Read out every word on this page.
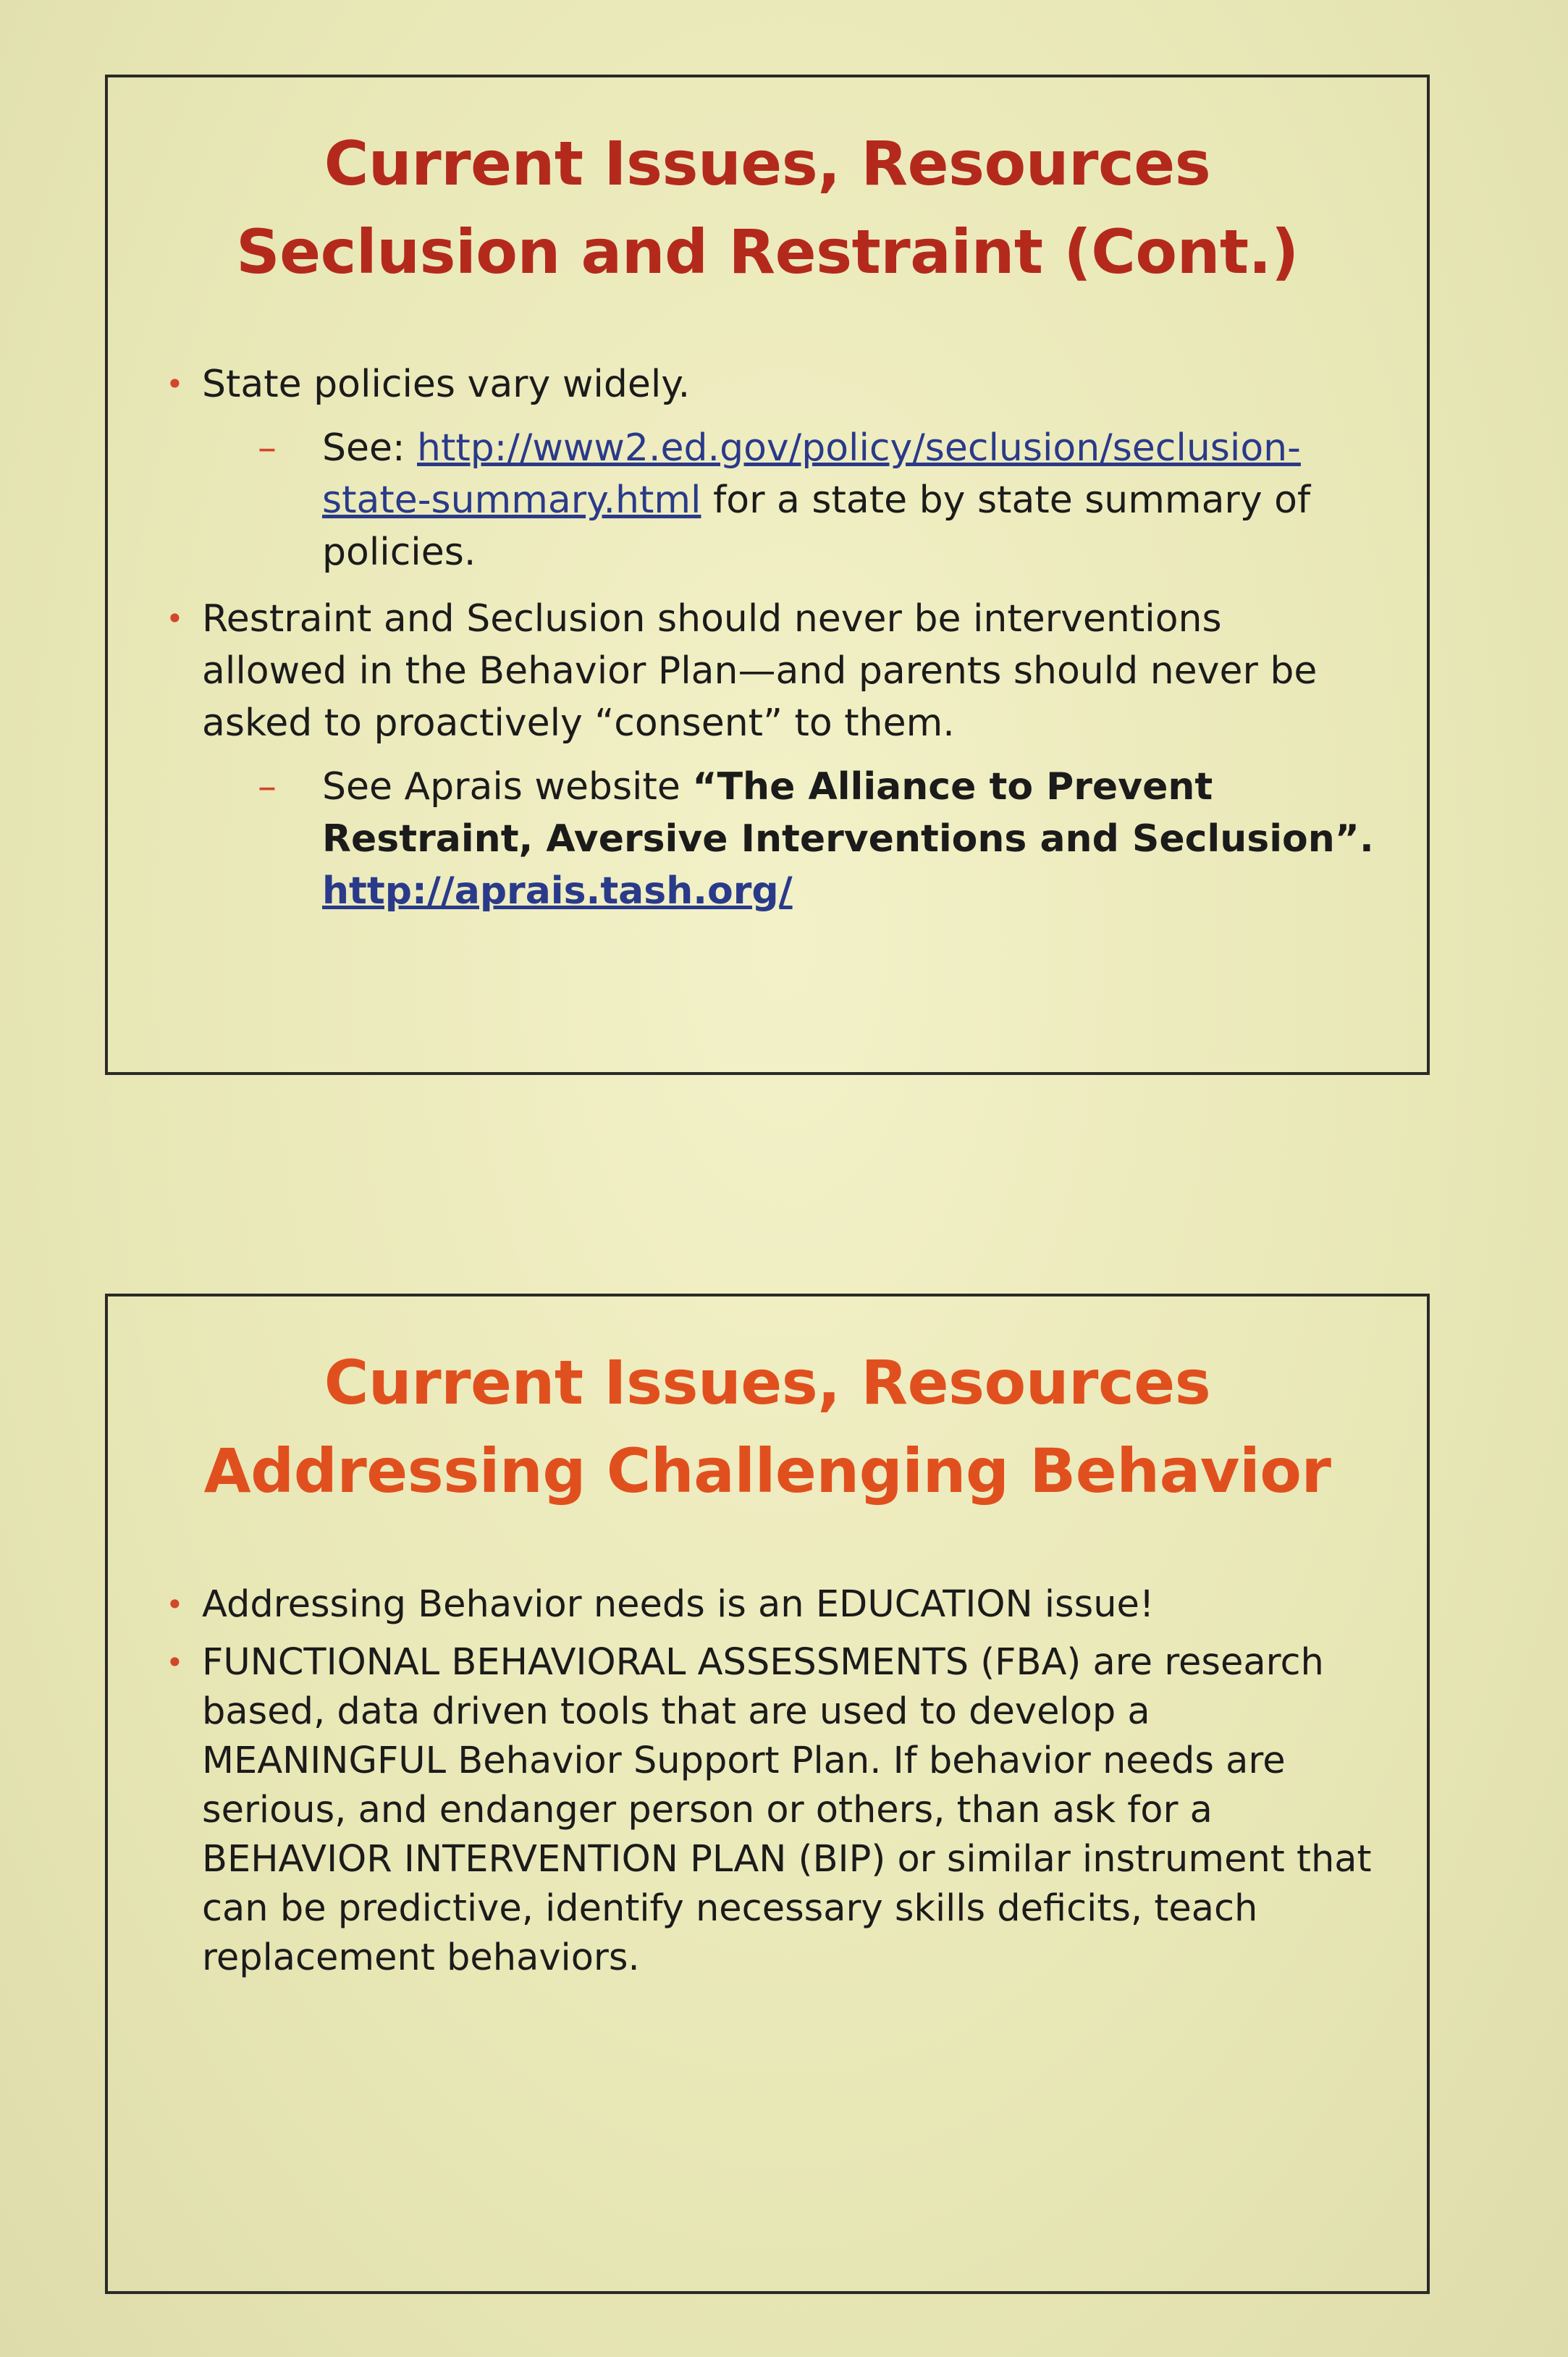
Current Issues, Resources
Seclusion and Restraint (Cont.)
• State policies vary widely.
– See: http://www2.ed.gov/policy/seclusion/seclusion-state-summary.html for a state by state summary of policies.
• Restraint and Seclusion should never be interventions allowed in the Behavior Plan—and parents should never be asked to proactively “consent” to them.
– See Aprais website “The Alliance to Prevent Restraint, Aversive Interventions and Seclusion”.
http://aprais.tash.org/
Current Issues, Resources
Addressing Challenging Behavior
• Addressing Behavior needs is an EDUCATION issue!
• FUNCTIONAL BEHAVIORAL ASSESSMENTS (FBA) are research based, data driven tools that are used to develop a MEANINGFUL Behavior Support Plan. If behavior needs are serious, and endanger person or others, than ask for a BEHAVIOR INTERVENTION PLAN (BIP) or similar instrument that can be predictive, identify necessary skills deficits, teach replacement behaviors.
